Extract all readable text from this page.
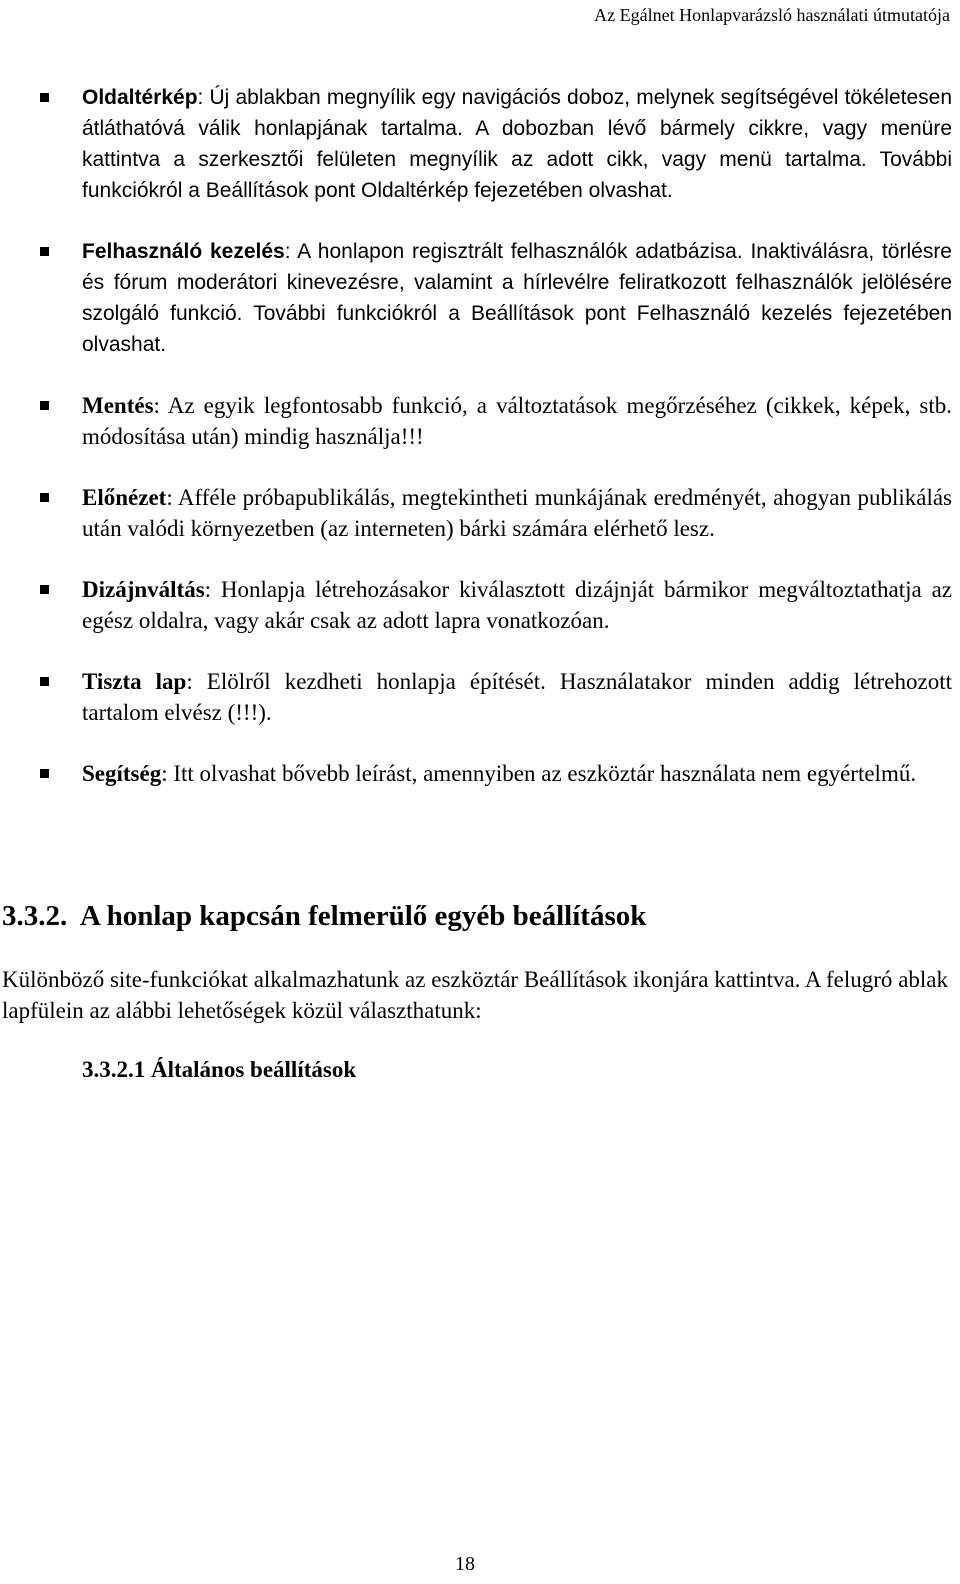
Az Egálnet Honlapvarázsló használati útmutatója
Oldaltérkép: Új ablakban megnyílik egy navigációs doboz, melynek segítségével tökéletesen átláthatóvá válik honlapjának tartalma. A dobozban lévő bármely cikkre, vagy menüre kattintva a szerkesztői felületen megnyílik az adott cikk, vagy menü tartalma. További funkciókról a Beállítások pont Oldaltérkép fejezetében olvashat.
Felhasználó kezelés: A honlapon regisztrált felhasználók adatbázisa. Inaktiválásra, törlésre és fórum moderátori kinevezésre, valamint a hírlevélre feliratkozott felhasználók jelölésére szolgáló funkció. További funkciókról a Beállítások pont Felhasználó kezelés fejezetében olvashat.
Mentés: Az egyik legfontosabb funkció, a változtatások megőrzéséhez (cikkek, képek, stb. módosítása után) mindig használja!!!
Előnézet: Afféle próbapublikálás, megtekintheti munkájának eredményét, ahogyan publikálás után valódi környezetben (az interneten) bárki számára elérhető lesz.
Dizájnváltás: Honlapja létrehozásakor kiválasztott dizájnját bármikor megváltoztathatja az egész oldalra, vagy akár csak az adott lapra vonatkozóan.
Tiszta lap: Elölről kezdheti honlapja építését. Használatakor minden addig létrehozott tartalom elvész (!!!).
Segítség: Itt olvashat bővebb leírást, amennyiben az eszköztár használata nem egyértelmű.
3.3.2. A honlap kapcsán felmerülő egyéb beállítások
Különböző site-funkciókat alkalmazhatunk az eszköztár Beállítások ikonjára kattintva. A felugró ablak lapfülein az alábbi lehetőségek közül választhatunk:
3.3.2.1 Általános beállítások
18
